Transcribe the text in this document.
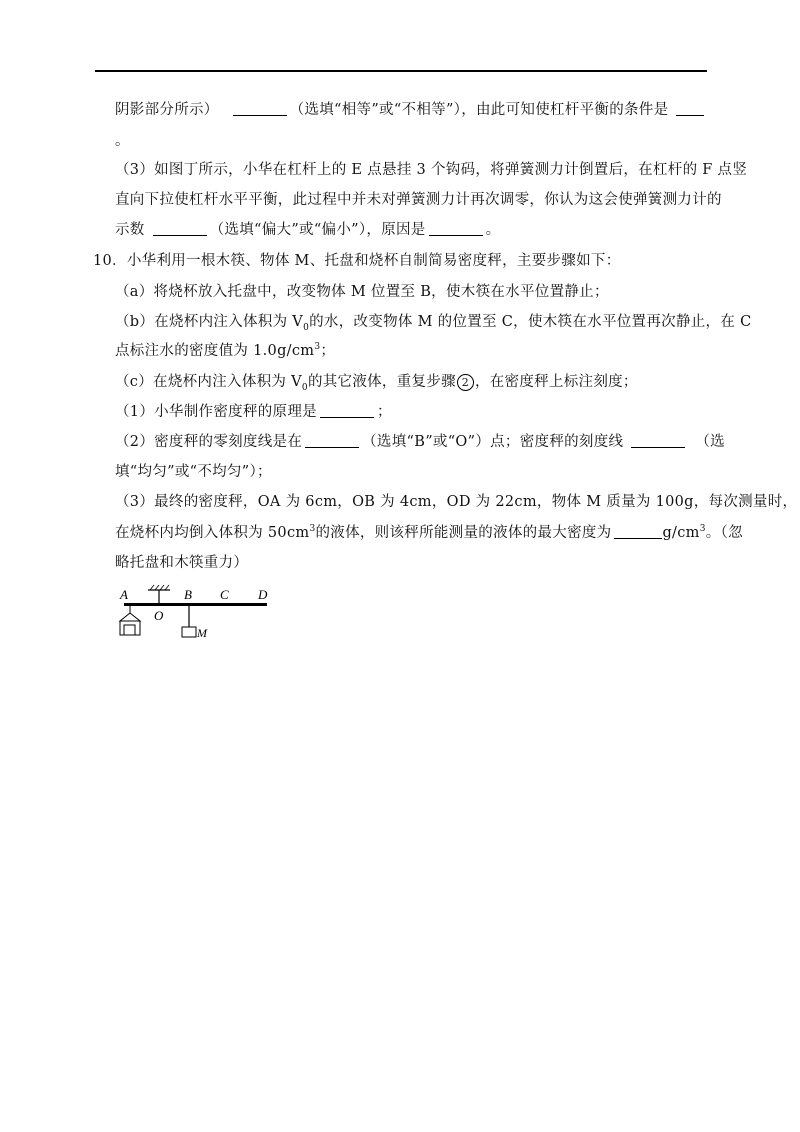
阴影部分所示）	（选填“相等”或“不相等”），由此可知使杠杆平衡的条件是
。
（3）如图丁所示，小华在杠杆上的 E 点悬挂 3 个钩码，将弹簧测力计倒置后，在杠杆的 F 点竖
直向下拉使杠杆水平平衡，此过程中并未对弹簧测力计再次调零，你认为这会使弹簧测力计的
示数	（选填“偏大”或“偏小”），原因是	。
10．小华利用一根木筷、物体 M、托盘和烧杯自制简易密度秤，主要步骤如下：
（a）将烧杯放入托盘中，改变物体 M 位置至 B，使木筷在水平位置静止；
（b）在烧杯内注入体积为 $V_0$的水，改变物体 M 的位置至 C，使木筷在水平位置再次静止，在 C
点标注水的密度值为 $1.0g/cm^3$；
（c）在烧杯内注入体积为 $V_0$的其它液体，重复步骤 2 ，在密度秤上标注刻度；
（1）小华制作密度秤的原理是	；
（2）密度秤的零刻度线是在	（选填“B”或“O”）点；密度秤的刻度线	（选
填“均匀”或“不均匀”）；
（3）最终的密度秤，OA 为 6cm，OB 为 4cm，OD 为 22cm，物体 M 质量为 100g，每次测量时，
在烧杯内均倒入体积为 $50cm^3$的液体，则该秤所能测量的液体的最大密度为	$g/cm^3$。（忽
略托盘和木筷重力）
A
O
B C D
M
